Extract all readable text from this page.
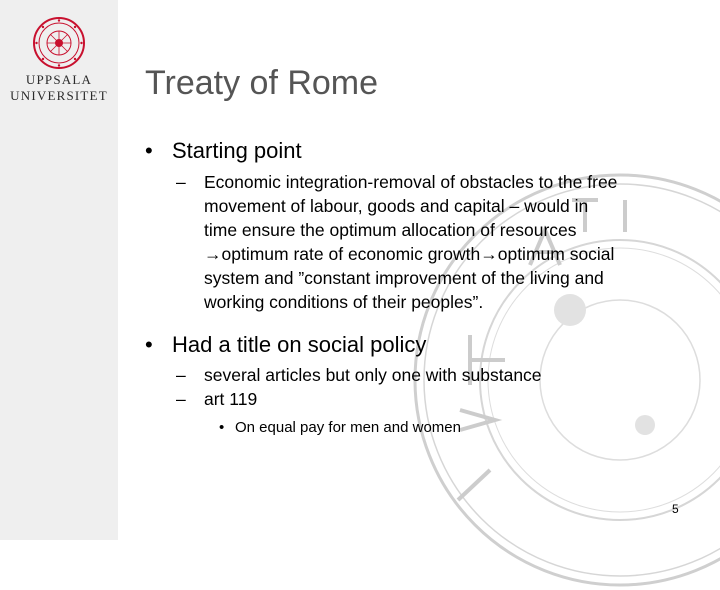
UPPSALA
UNIVERSITET Treaty of Rome
• Starting point
– Economic integration-removal of obstacles to the free
movement of labour, goods and capital – would in
time ensure the optimum allocation of resources
→optimum rate of economic growth→optimum social
system and ”constant improvement of the living and
working conditions of their peoples”.
• Had a title on social policy
– several articles but only one with substance
– art 119
• On equal pay for men and women
5
